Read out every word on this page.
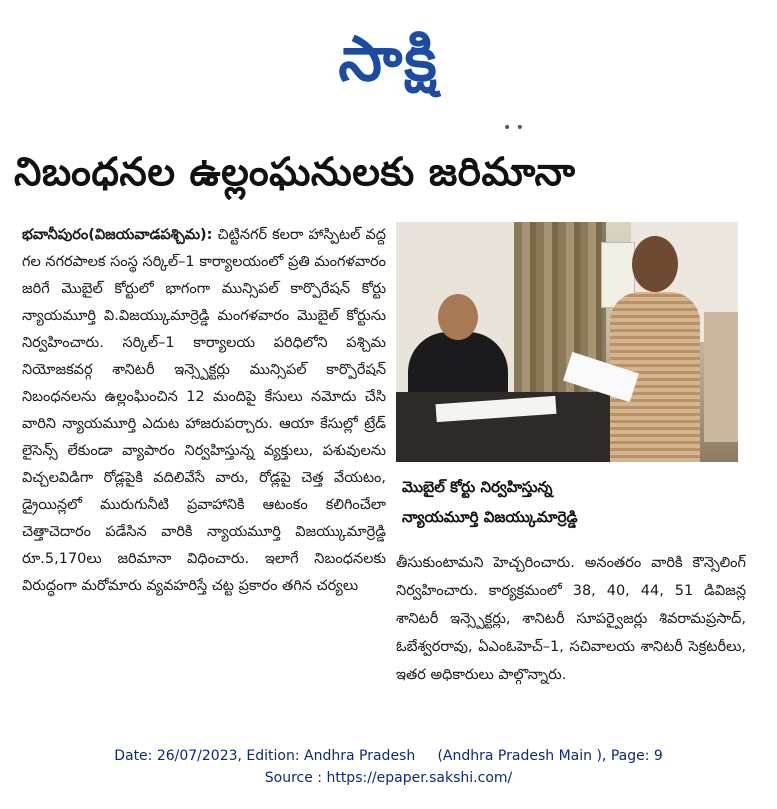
సాక్షి
• •
నిబంధనల ఉల్లంఘనులకు జరిమానా

భవానీపురం(విజయవాడపశ్చిమ): చిట్టినగర్ కలరా హాస్పిటల్ వద్ద గల నగరపాలక సంస్థ సర్కిల్–1 కార్యాలయంలో ప్రతి మంగళవారం జరిగే మొబైల్ కోర్టులో భాగంగా మున్సిపల్ కార్పొరేషన్ కోర్టు న్యాయమూర్తి వి.విజయ్కుమార్రెడ్డి మంగళవారం మొబైల్ కోర్టును నిర్వహించారు. సర్కిల్–1 కార్యాలయ పరిధిలోని పశ్చిమ నియోజకవర్గ శానిటరీ ఇన్స్పెక్టర్లు మున్సిపల్ కార్పొరేషన్ నిబంధనలను ఉల్లంఘించిన 12 మందిపై కేసులు నమోదు చేసి వారిని న్యాయమూర్తి ఎదుట హాజరుపర్చారు. ఆయా కేసుల్లో ట్రేడ్ లైసెన్స్ లేకుండా వ్యాపారం నిర్వహిస్తున్న వ్యక్తులు, పశువులను విచ్చలవిడిగా రోడ్లపైకి వదిలివేసే వారు, రోడ్లపై చెత్త వేయటం, డ్రైయిన్లలో మురుగునీటి ప్రవాహానికి ఆటంకం కలిగించేలా చెత్తాచెదారం పడేసిన వారికి న్యాయమూర్తి విజయ్కుమార్రెడ్డి రూ.5,170లు జరిమానా విధించారు. ఇలాగే నిబంధనలకు విరుద్ధంగా మరోమారు వ్యవహరిస్తే చట్ట ప్రకారం తగిన చర్యలు

మొబైల్ కోర్టు నిర్వహిస్తున్న
న్యాయమూర్తి విజయ్కుమార్రెడ్డి

తీసుకుంటామని హెచ్చరించారు. అనంతరం వారికి కౌన్సెలింగ్ నిర్వహించారు. కార్యక్రమంలో 38, 40, 44, 51 డివిజన్ల శానిటరీ ఇన్స్పెక్టర్లు, శానిటరీ సూపర్వైజర్లు శివరామప్రసాద్, ఓబేశ్వరరావు, ఏఎంఓహెచ్–1, సచివాలయ శానిటరీ సెక్రటరీలు, ఇతర అధికారులు పాల్గొన్నారు.

Date: 26/07/2023, Edition: Andhra Pradesh     (Andhra Pradesh Main ), Page: 9
Source : https://epaper.sakshi.com/
